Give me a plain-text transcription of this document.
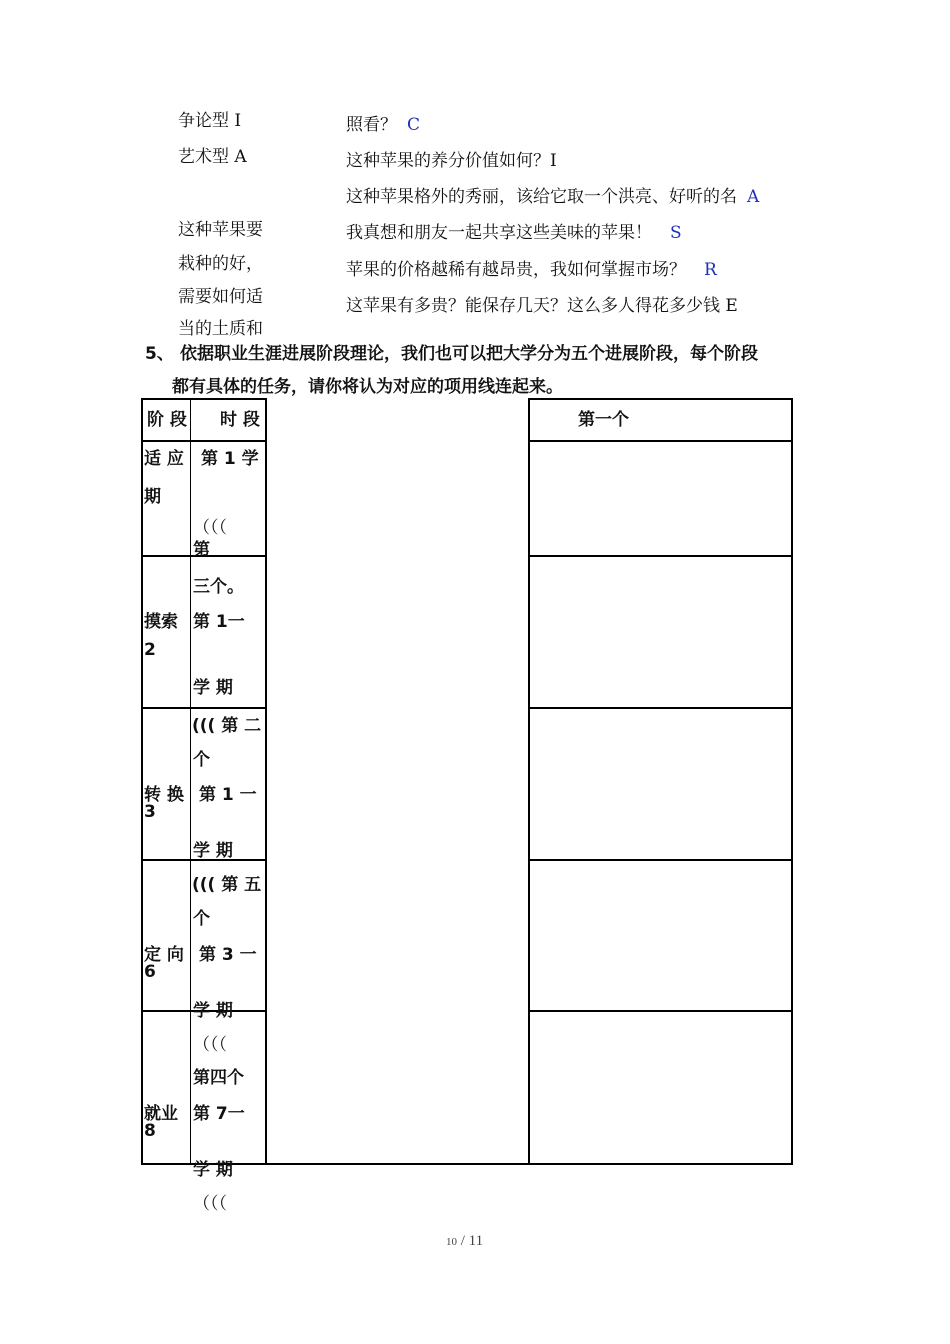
争论型 I
艺术型 A
这种苹果要
栽种的好，
需要如何适
当的土质和
照看？ C
这种苹果的养分价值如何？I
这种苹果格外的秀丽，该给它取一个洪亮、好听的名 A
我真想和朋友一起共享这些美味的苹果！ S
苹果的价格越稀有越昂贵，我如何掌握市场？ R
这苹果有多贵？能保存几天？这么多人得花多少钱 E
5、 依据职业生涯进展阶段理论，我们也可以把大学分为五个进展阶段，每个阶段
都有具体的任务，请你将认为对应的项用线连起来。
阶 段 时 段	第一个
适 应
期
第 1 学
（（（
第
摸索
2
三个。
第 1一
学 期
转 换
3
((( 第 二
个
第 1 一
学 期
定 向
6
((( 第 五
个
第 3 一
学 期
就业
8
（（（
第四个
第 7一
学 期
（（（
10 / 11
